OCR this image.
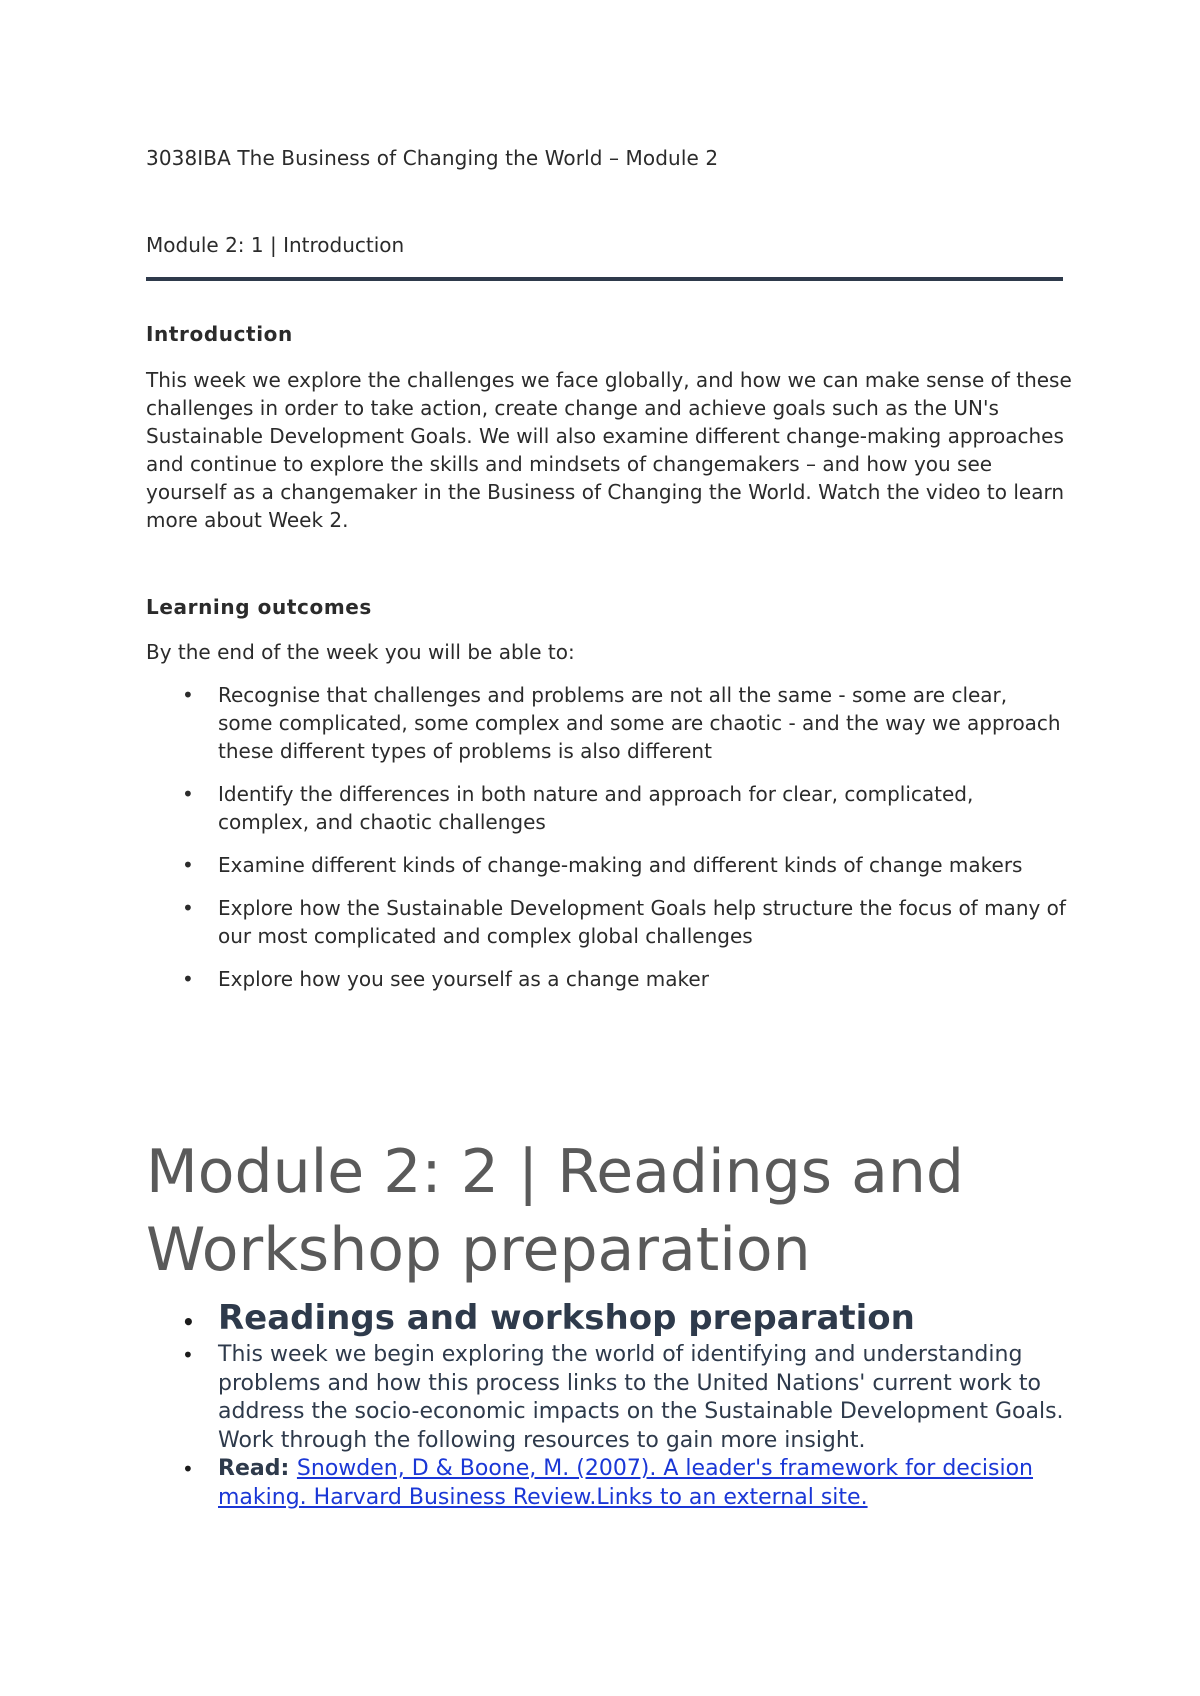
3038IBA The Business of Changing the World – Module 2

Module 2: 1 | Introduction

Introduction

This week we explore the challenges we face globally, and how we can make sense of these challenges in order to take action, create change and achieve goals such as the UN's Sustainable Development Goals. We will also examine different change-making approaches and continue to explore the skills and mindsets of changemakers – and how you see yourself as a changemaker in the Business of Changing the World. Watch the video to learn more about Week 2.

Learning outcomes

By the end of the week you will be able to:

• Recognise that challenges and problems are not all the same - some are clear, some complicated, some complex and some are chaotic - and the way we approach these different types of problems is also different
• Identify the differences in both nature and approach for clear, complicated, complex, and chaotic challenges
• Examine different kinds of change-making and different kinds of change makers
• Explore how the Sustainable Development Goals help structure the focus of many of our most complicated and complex global challenges
• Explore how you see yourself as a change maker
Module 2: 2 | Readings and Workshop preparation
• Readings and workshop preparation
• This week we begin exploring the world of identifying and understanding problems and how this process links to the United Nations' current work to address the socio-economic impacts on the Sustainable Development Goals. Work through the following resources to gain more insight.
• Read: Snowden, D & Boone, M. (2007). A leader's framework for decision making. Harvard Business Review.Links to an external site.
